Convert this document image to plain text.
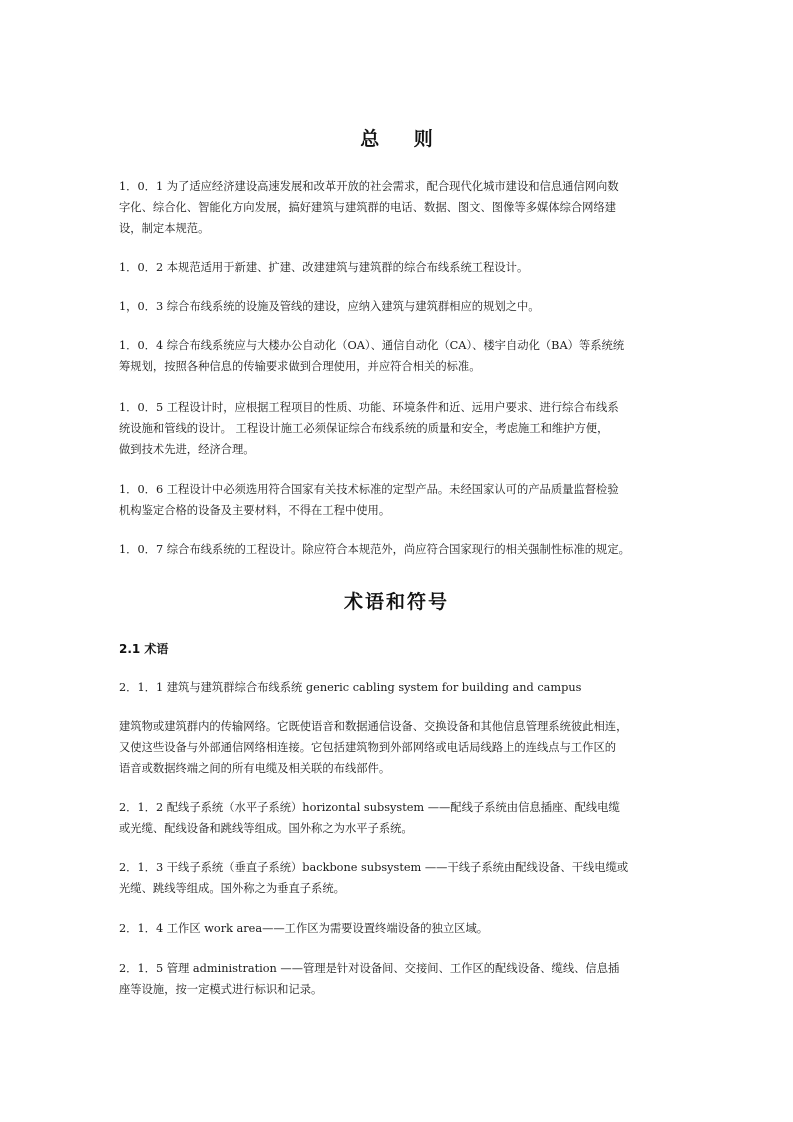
总 则
1．0．1 为了适应经济建设高速发展和改革开放的社会需求，配合现代化城市建设和信息通信网向数
字化、综合化、智能化方向发展，搞好建筑与建筑群的电话、数据、图文、图像等多媒体综合网络建
设，制定本规范。
1．0．2 本规范适用于新建、扩建、改建建筑与建筑群的综合布线系统工程设计。
1，0．3 综合布线系统的设施及管线的建设，应纳入建筑与建筑群相应的规划之中。
1．0．4 综合布线系统应与大楼办公自动化（OA）、通信自动化（CA）、楼宇自动化（BA）等系统统
筹规划，按照各种信息的传输要求做到合理使用，并应符合相关的标准。
1．0．5 工程设计时，应根据工程项目的性质、功能、环境条件和近、远用户要求、进行综合布线系
统设施和管线的设计。 工程设计施工必须保证综合布线系统的质量和安全，考虑施工和维护方便，
做到技术先进，经济合理。
1．0．6 工程设计中必须选用符合国家有关技术标准的定型产品。未经国家认可的产品质量监督检验
机构鉴定合格的设备及主要材料，不得在工程中使用。
1．0．7 综合布线系统的工程设计。除应符合本规范外，尚应符合国家现行的相关强制性标准的规定。
术语和符号
2.1 术语
2．1．1 建筑与建筑群综合布线系统 generic cabling system for building and campus
建筑物或建筑群内的传输网络。它既使语音和数据通信设备、交换设备和其他信息管理系统彼此相连，
又使这些设备与外部通信网络相连接。它包括建筑物到外部网络或电话局线路上的连线点与工作区的
语音或数据终端之间的所有电缆及相关联的布线部件。
2．1．2 配线子系统（水平子系统）horizontal subsystem ——配线子系统由信息插座、配线电缆
或光缆、配线设备和跳线等组成。国外称之为水平子系统。
2．1．3 干线子系统（垂直子系统）backbone subsystem ——干线子系统由配线设备、干线电缆或
光缆、跳线等组成。国外称之为垂直子系统。
2．1．4 工作区 work area——工作区为需要设置终端设备的独立区域。
2．1．5 管理 administration ——管理是针对设备间、交接间、工作区的配线设备、缆线、信息插
座等设施，按一定模式进行标识和记录。
